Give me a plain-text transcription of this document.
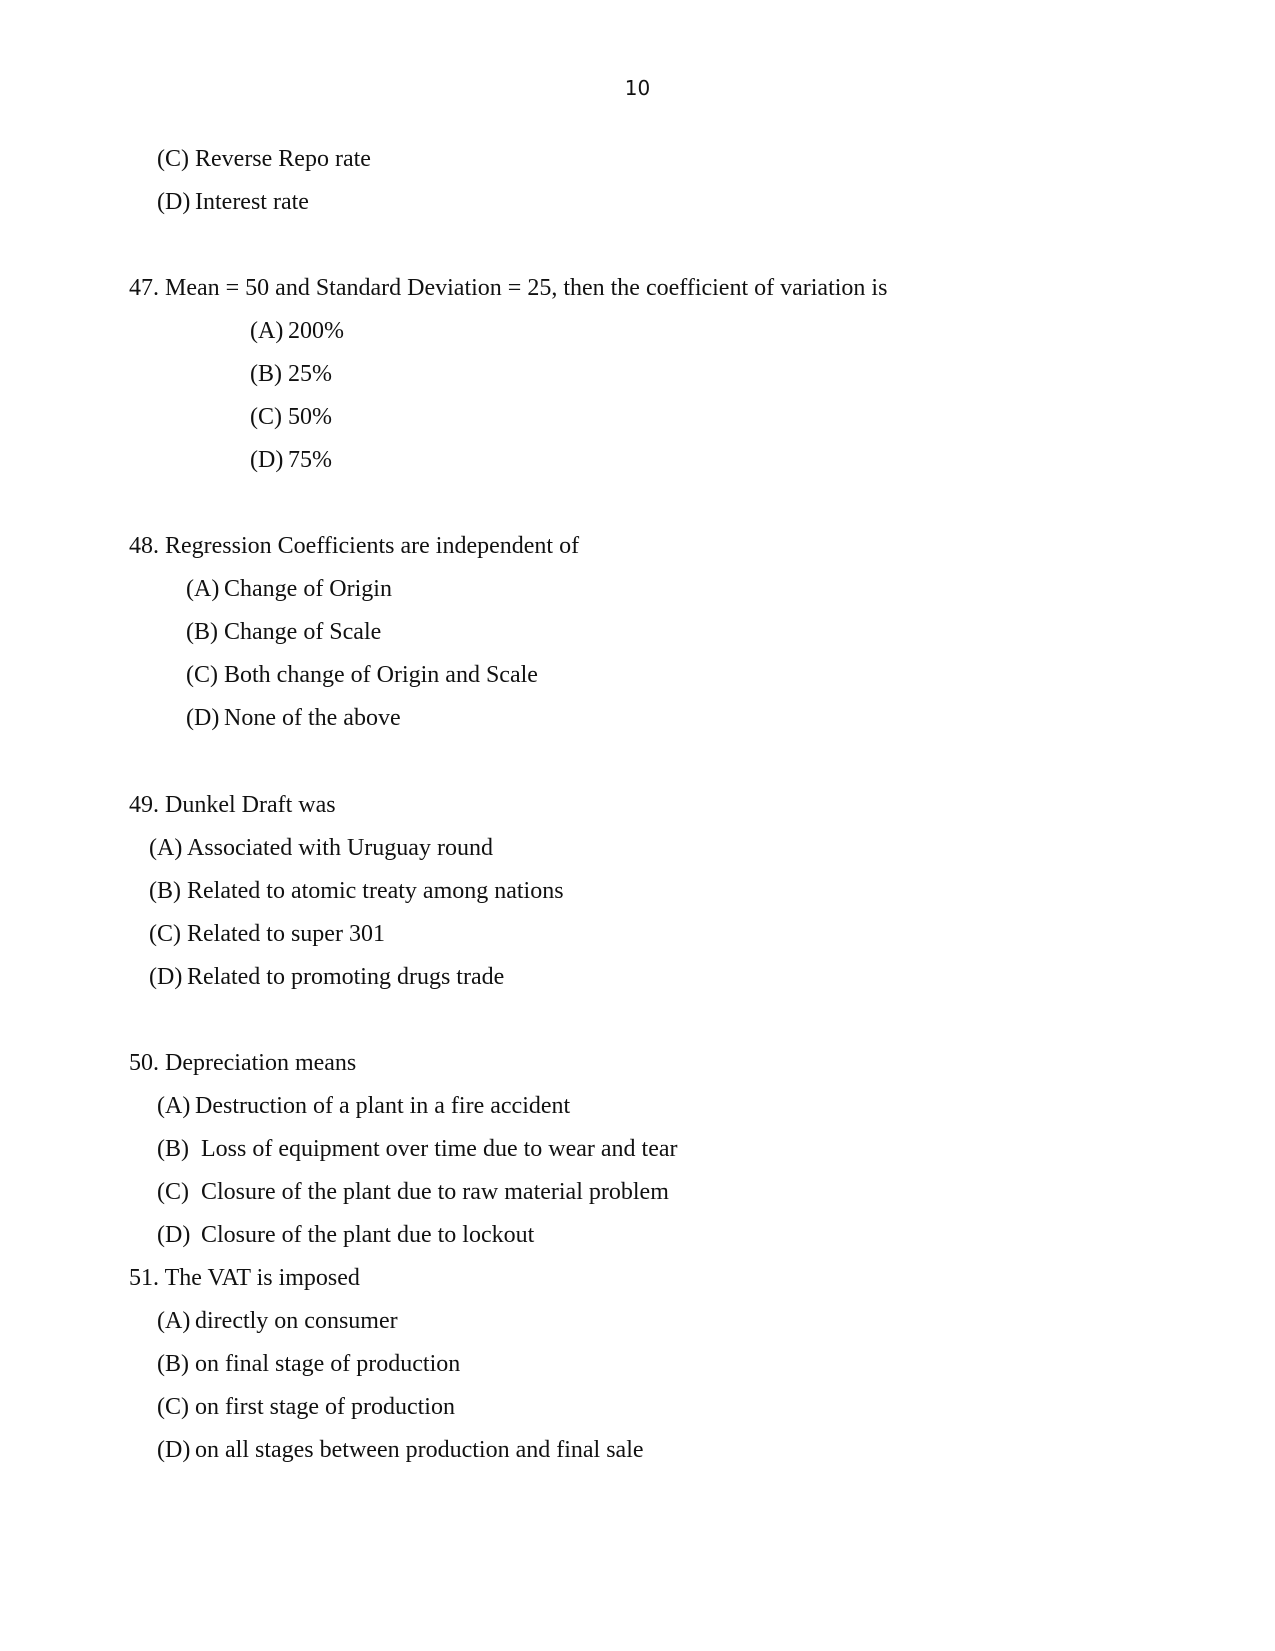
10
(C) Reverse Repo rate
(D) Interest rate
47. Mean = 50 and Standard Deviation = 25, then the coefficient of variation is
(A) 200%
(B) 25%
(C) 50%
(D) 75%
48. Regression Coefficients are independent of
(A) Change of Origin
(B) Change of Scale
(C) Both change of Origin and Scale
(D) None of the above
49. Dunkel Draft was
(A) Associated with Uruguay round
(B) Related to atomic treaty among nations
(C) Related to super 301
(D) Related to promoting drugs trade
50. Depreciation means
(A) Destruction of a plant in a fire accident
(B) Loss of equipment over time due to wear and tear
(C) Closure of the plant due to raw material problem
(D) Closure of the plant due to lockout
51. The VAT is imposed
(A) directly on consumer
(B) on final stage of production
(C) on first stage of production
(D) on all stages between production and final sale
